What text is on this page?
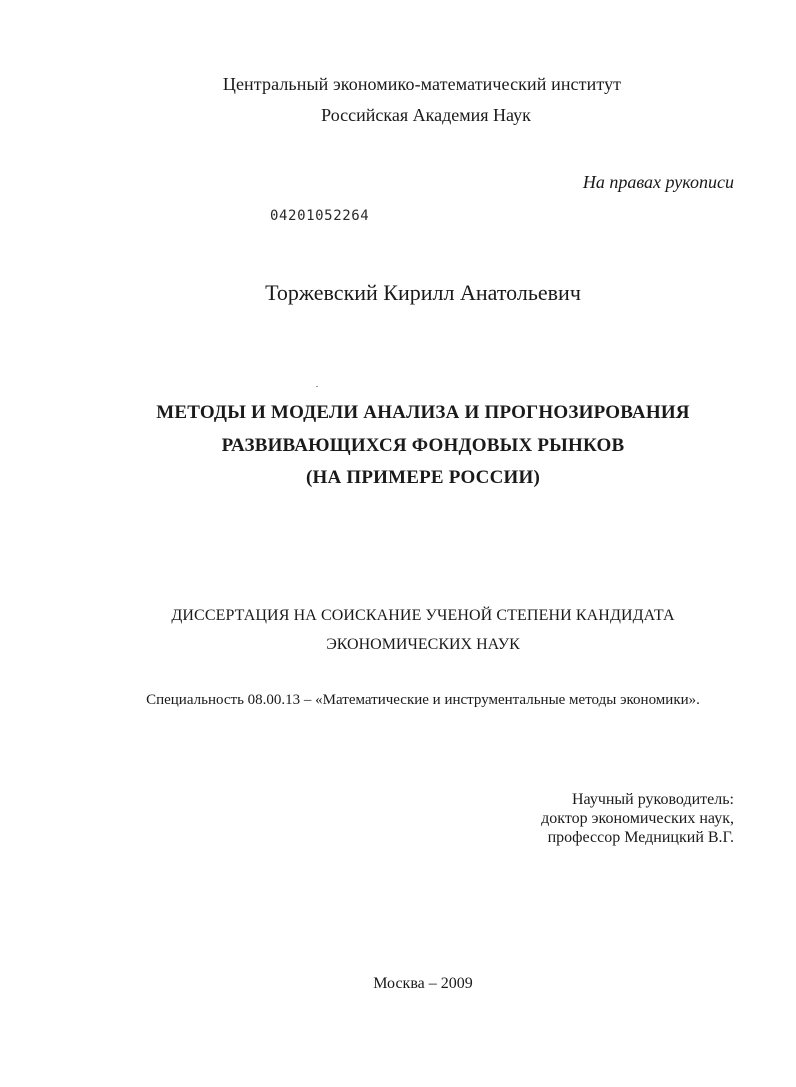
Центральный экономико-математический институт
Российская Академия Наук
На правах рукописи
04201052264
Торжевский Кирилл Анатольевич
МЕТОДЫ И МОДЕЛИ АНАЛИЗА И ПРОГНОЗИРОВАНИЯ
РАЗВИВАЮЩИХСЯ ФОНДОВЫХ РЫНКОВ
(НА ПРИМЕРЕ РОССИИ)
ДИССЕРТАЦИЯ НА СОИСКАНИЕ УЧЕНОЙ СТЕПЕНИ КАНДИДАТА
ЭКОНОМИЧЕСКИХ НАУК
Специальность 08.00.13 – «Математические и инструментальные методы экономики».
Научный руководитель:
доктор экономических наук,
профессор Медницкий В.Г.
Москва – 2009
